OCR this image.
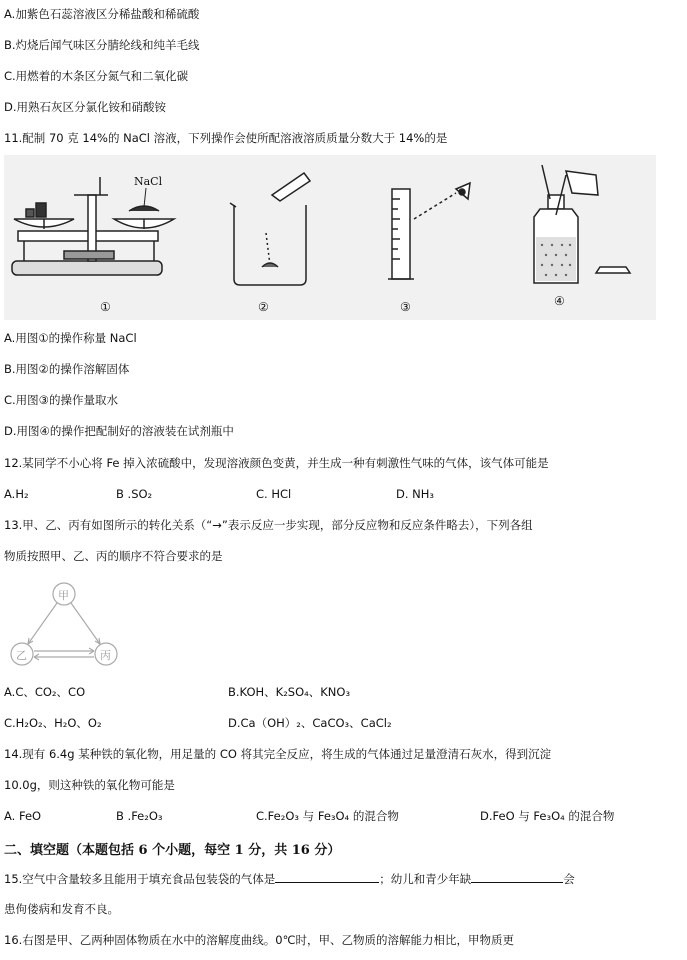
A.加紫色石蕊溶液区分稀盐酸和稀硫酸
B.灼烧后闻气味区分腈纶线和纯羊毛线
C.用燃着的木条区分氮气和二氧化碳
D.用熟石灰区分氯化铵和硝酸铵
11.配制 70 克 14%的 NaCl 溶液，下列操作会使所配溶液溶质质量分数大于 14%的是
NaCl
①	②	③	④
A.用图①的操作称量 NaCl
B.用图②的操作溶解固体
C.用图③的操作量取水
D.用图④的操作把配制好的溶液装在试剂瓶中
12.某同学不小心将 Fe 掉入浓硫酸中，发现溶液颜色变黄，并生成一种有刺激性气味的气体，该气体可能是
A.H₂	B .SO₂	C. HCl	D. NH₃
13.甲、乙、丙有如图所示的转化关系（“→”表示反应一步实现，部分反应物和反应条件略去），下列各组
物质按照甲、乙、丙的顺序不符合要求的是
甲
乙	丙
A.C、CO₂、CO	B.KOH、K₂SO₄、KNO₃
C.H₂O₂、H₂O、O₂	D.Ca（OH）₂、CaCO₃、CaCl₂
14.现有 6.4g 某种铁的氧化物，用足量的 CO 将其完全反应，将生成的气体通过足量澄清石灰水，得到沉淀
10.0g，则这种铁的氧化物可能是
A. FeO	B .Fe₂O₃	C.Fe₂O₃ 与 Fe₃O₄ 的混合物	D.FeO 与 Fe₃O₄ 的混合物
二、填空题（本题包括 6 个小题，每空 1 分，共 16 分）
15.空气中含量较多且能用于填充食品包装袋的气体是	；幼儿和青少年缺	会
患佝偻病和发育不良。
16.右图是甲、乙两种固体物质在水中的溶解度曲线。0℃时，甲、乙物质的溶解能力相比，甲物质更
